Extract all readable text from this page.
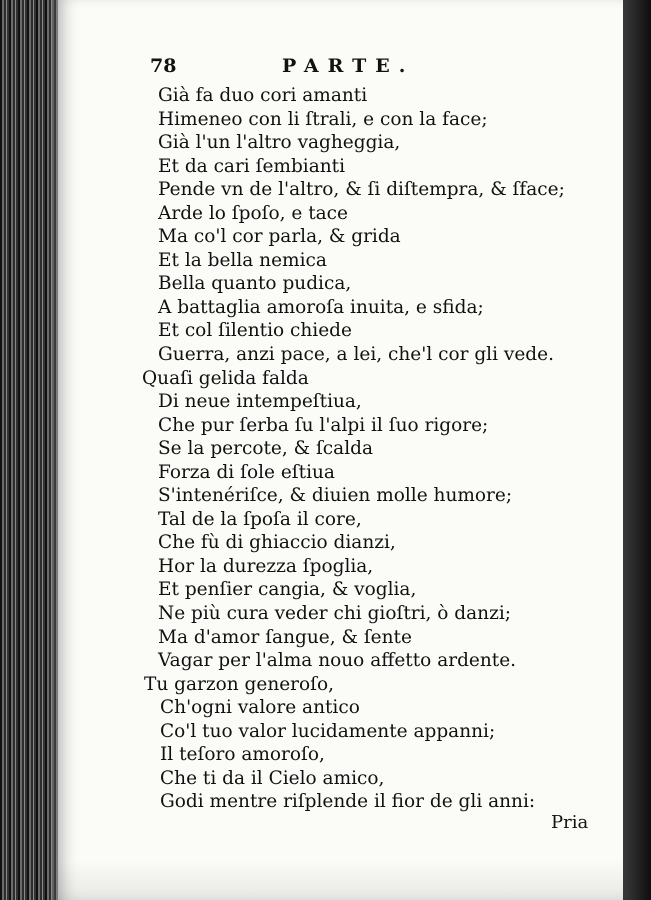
78	PARTE.
Già fa duo cori amanti
Himeneo con li ſtrali, e con la face;
Già l'un l'altro vagheggia,
Et da cari ſembianti
Pende vn de l'altro, & ſi diſtempra, & ſface;
Arde lo ſpoſo, e tace
Ma co'l cor parla, & grida
Et la bella nemica
Bella quanto pudica,
A battaglia amoroſa inuita, e sfida;
Et col ſilentio chiede
Guerra, anzi pace, a lei, che'l cor gli vede.
Quaſi gelida falda
Di neue intempeſtiua,
Che pur ſerba ſu l'alpi il ſuo rigore;
Se la percote, & ſcalda
Forza di ſole eſtiua
S'intenériſce, & diuien molle humore;
Tal de la ſpoſa il core,
Che fù di ghiaccio dianzi,
Hor la durezza ſpoglia,
Et penſier cangia, & voglia,
Ne più cura veder chi gioſtri, ò danzi;
Ma d'amor ſangue, & ſente
Vagar per l'alma nouo affetto ardente.
Tu garzon generoſo,
Ch'ogni valore antico
Co'l tuo valor lucidamente appanni;
Il teſoro amoroſo,
Che ti da il Cielo amico,
Godi mentre riſplende il fior de gli anni:
Pria
